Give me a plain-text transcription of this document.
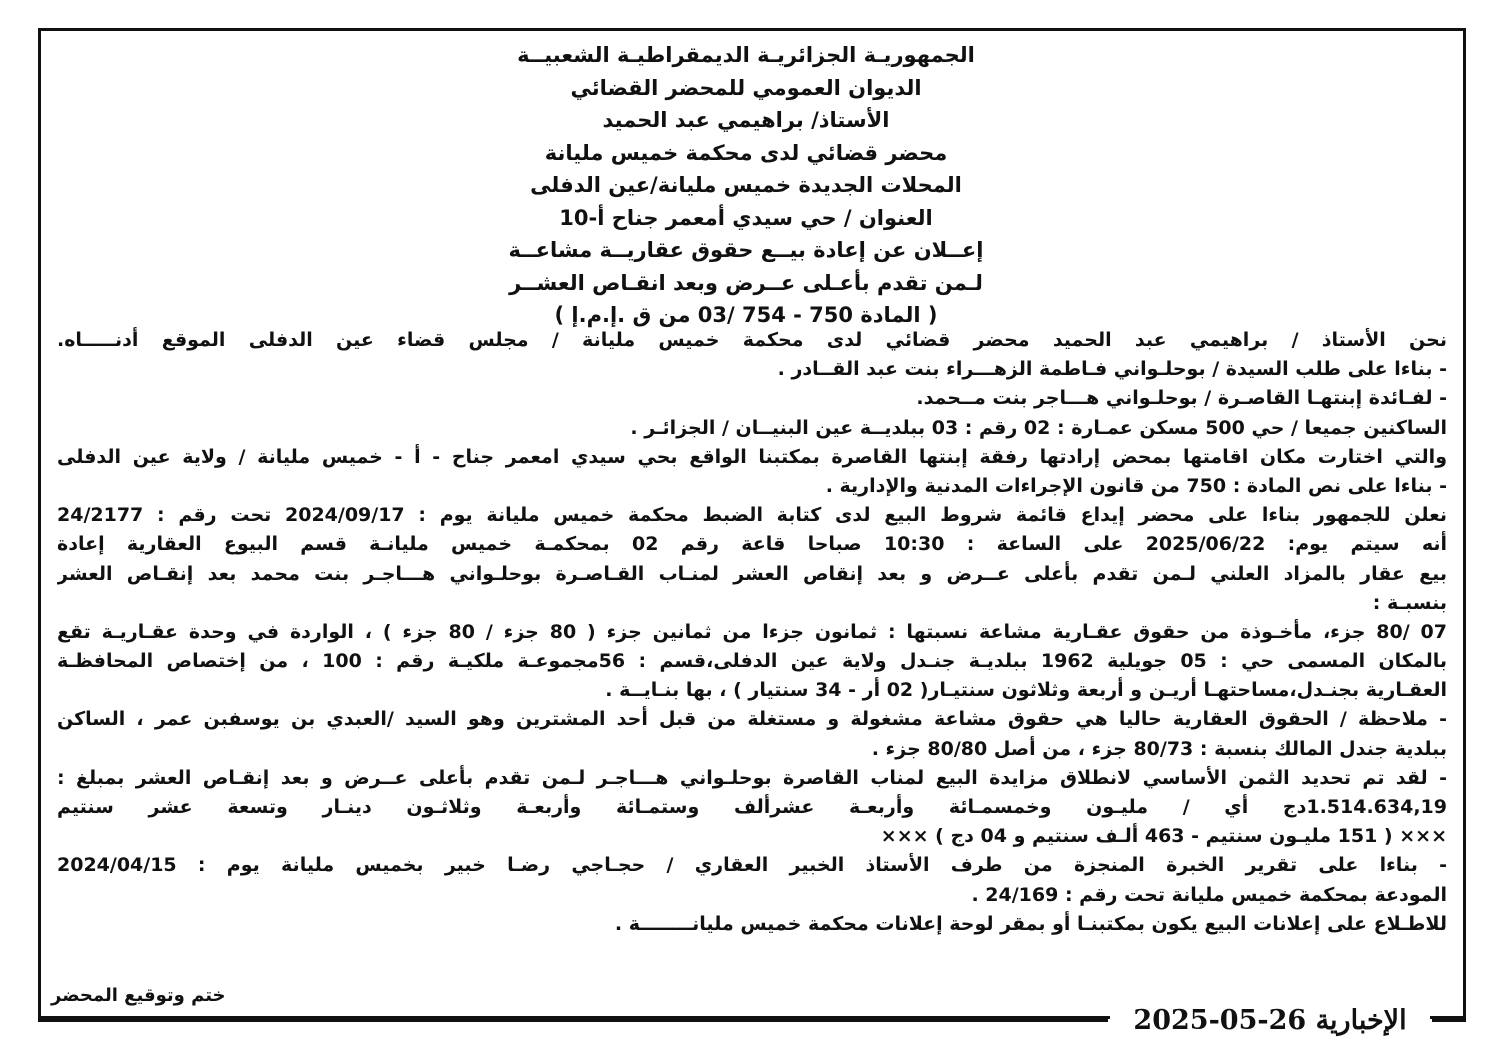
الجمهوريـة الجزائريـة الديمقراطيـة الشعبيــة
الديوان العمومي للمحضر القضائي
الأستاذ/ براهيمي عبد الحميد
محضر قضائي لدى محكمة خميس مليانة
المحلات الجديدة خميس مليانة/عين الدفلى
العنوان / حي سيدي أمعمر جناح أ-10
إعــلان عن إعادة بيــع حقوق عقاريــة مشاعــة
لـمن تقدم بأعـلى عــرض وبعد انقـاص العشــر
( المادة 750 - 754 /03 من ق .إ.م.إ )
نحن الأستاذ / براهيمي عبد الحميد محضر قضائي لدى محكمة خميس مليانة / مجلس قضاء عين الدفلى الموقع أدنـــــاه.
- بناءا على طلب السيدة / بوحلـواني فـاطمة الزهـــراء بنت عبد القــادر .
- لفـائدة إبنتهـا القاصـرة / بوحلـواني هـــاجر بنت مــحمد.
الساكنين جميعا / حي 500 مسكن عمـارة : 02 رقم : 03 ببلديــة عين البنيــان / الجزائـر .
والتي اختارت مكان اقامتها بمحض إرادتها رفقة إبنتها القاصرة بمكتبنا الواقع بحي سيدي امعمر جناح - أ - خميس مليانة / ولاية عين الدفلى
- بناءا على نص المادة : 750 من قانون الإجراءات المدنية والإدارية .
نعلن للجمهور بناءا على محضر إيداع قائمة شروط البيع لدى كتابة الضبط محكمة خميس مليانة يوم : 2024/09/17 تحت رقم : 24/2177
أنه سيتم يوم: 2025/06/22 على الساعة : 10:30 صباحا قاعة رقم 02 بمحكمـة خميس مليانـة قسم البيوع العقارية إعادة
بيع عقار بالمزاد العلني لـمن تقدم بأعلى عــرض و بعد إنقاص العشر لمنـاب القـاصـرة بوحلـواني هـــاجـر بنت محمد بعد إنقـاص العشر
بنسبـة :
07 /80 جزء، مأخـوذة من حقوق عقـارية مشاعة نسبتها : ثمانون جزءا من ثمانين جزء ( 80 جزء / 80 جزء ) ، الواردة في وحدة عقـاريـة تقع
بالمكان المسمى حي : 05 جويلية 1962 ببلديـة جنـدل ولاية عين الدفلى،قسم : 56مجموعـة ملكيـة رقم : 100 ، من إختصاص المحافظـة
العقـارية بجنـدل،مساحتهـا أريـن و أربعة وثلاثون سنتيـار( 02 أر - 34 سنتيار ) ، بها بنـايــة .
- ملاحظة / الحقوق العقارية حاليا هي حقوق مشاعة مشغولة و مستغلة من قبل أحد المشترين وهو السيد /العبدي بن يوسفبن عمر ، الساكن
ببلدية جندل المالك بنسبة : 80/73 جزء ، من أصل 80/80 جزء .
- لقد تم تحديد الثمن الأساسي لانطلاق مزايدة البيع لمناب القاصرة بوحلـواني هـــاجـر لـمن تقدم بأعلى عــرض و بعد إنقـاص العشر بمبلغ :
1.514.634,19دج أي / مليـون وخمسمـائة وأربعـة عشرألف وستمـائة وأربعـة وثلاثـون دينـار وتسعة عشر سنتيم
××× ( 151 مليـون سنتيم - 463 ألـف سنتيم و 04 دج ) ×××
- بناءا على تقرير الخبرة المنجزة من طرف الأستاذ الخبير العقاري / حجـاجي رضـا خبير بخميس مليانة يوم : 2024/04/15
المودعة بمحكمة خميس مليانة تحت رقم : 24/169 .
للاطـلاع على إعلانات البيع يكون بمكتبنـا أو بمقر لوحة إعلانات محكمة خميس مليانــــــــة .
ختم وتوقيع المحضر
الإخبارية 26-05-2025
